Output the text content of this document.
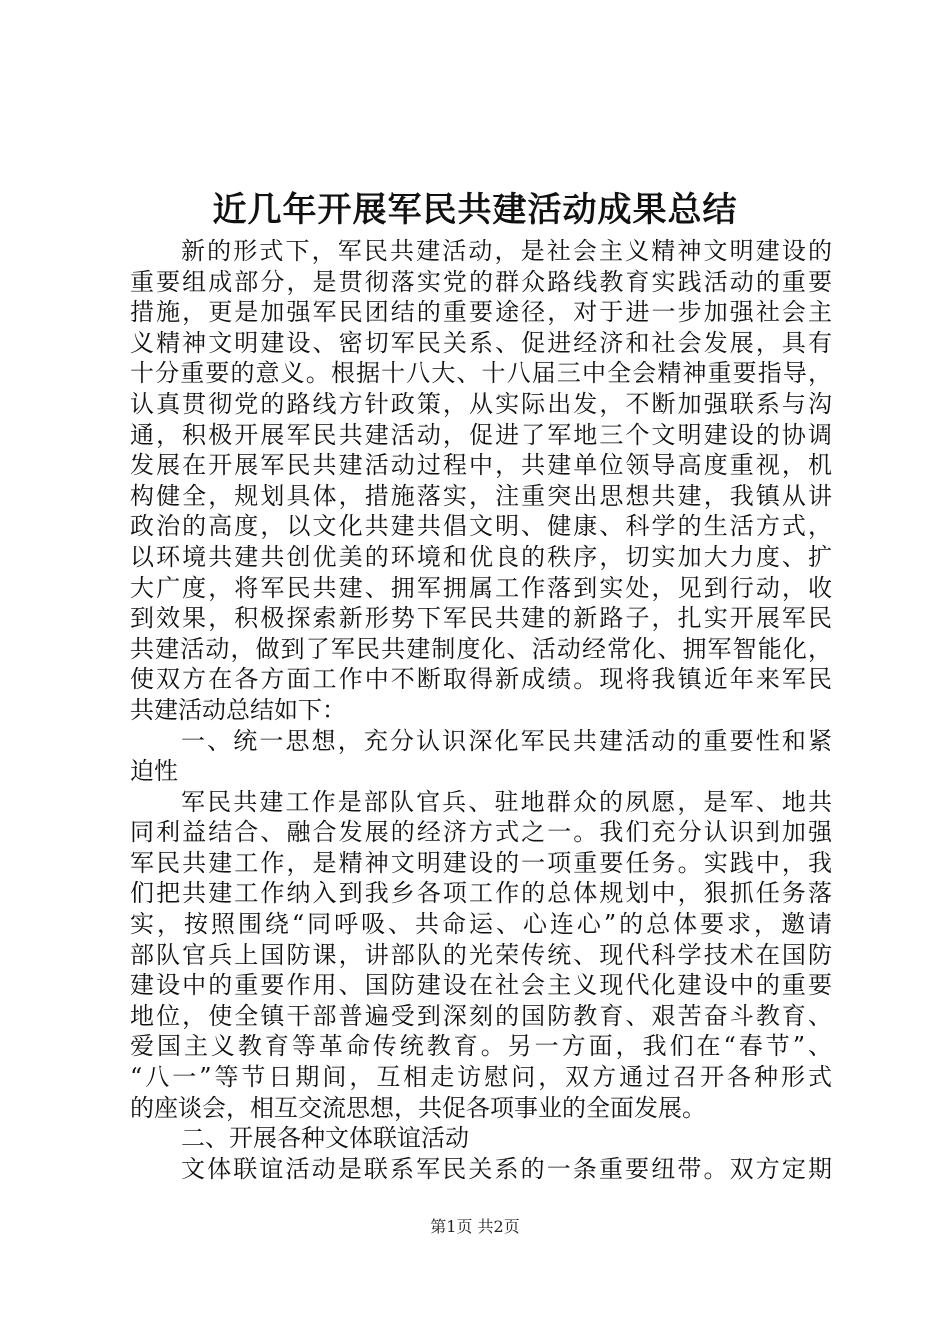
近几年开展军民共建活动成果总结
新的形式下，军民共建活动，是社会主义精神文明建设的
重要组成部分，是贯彻落实党的群众路线教育实践活动的重要
措施，更是加强军民团结的重要途径，对于进一步加强社会主
义精神文明建设、密切军民关系、促进经济和社会发展，具有
十分重要的意义。根据十八大、十八届三中全会精神重要指导，
认真贯彻党的路线方针政策，从实际出发，不断加强联系与沟
通，积极开展军民共建活动，促进了军地三个文明建设的协调
发展在开展军民共建活动过程中，共建单位领导高度重视，机
构健全，规划具体，措施落实，注重突出思想共建，我镇从讲
政治的高度，以文化共建共倡文明、健康、科学的生活方式，
以环境共建共创优美的环境和优良的秩序，切实加大力度、扩
大广度，将军民共建、拥军拥属工作落到实处，见到行动，收
到效果，积极探索新形势下军民共建的新路子，扎实开展军民
共建活动，做到了军民共建制度化、活动经常化、拥军智能化，
使双方在各方面工作中不断取得新成绩。现将我镇近年来军民
共建活动总结如下：
一、统一思想，充分认识深化军民共建活动的重要性和紧
迫性
军民共建工作是部队官兵、驻地群众的夙愿，是军、地共
同利益结合、融合发展的经济方式之一。我们充分认识到加强
军民共建工作，是精神文明建设的一项重要任务。实践中，我
们把共建工作纳入到我乡各项工作的总体规划中，狠抓任务落
实，按照围绕“同呼吸、共命运、心连心”的总体要求，邀请
部队官兵上国防课，讲部队的光荣传统、现代科学技术在国防
建设中的重要作用、国防建设在社会主义现代化建设中的重要
地位，使全镇干部普遍受到深刻的国防教育、艰苦奋斗教育、
爱国主义教育等革命传统教育。另一方面，我们在“春节”、
“八一”等节日期间，互相走访慰问，双方通过召开各种形式
的座谈会，相互交流思想，共促各项事业的全面发展。
二、开展各种文体联谊活动
文体联谊活动是联系军民关系的一条重要纽带。双方定期
第1页 共2页
